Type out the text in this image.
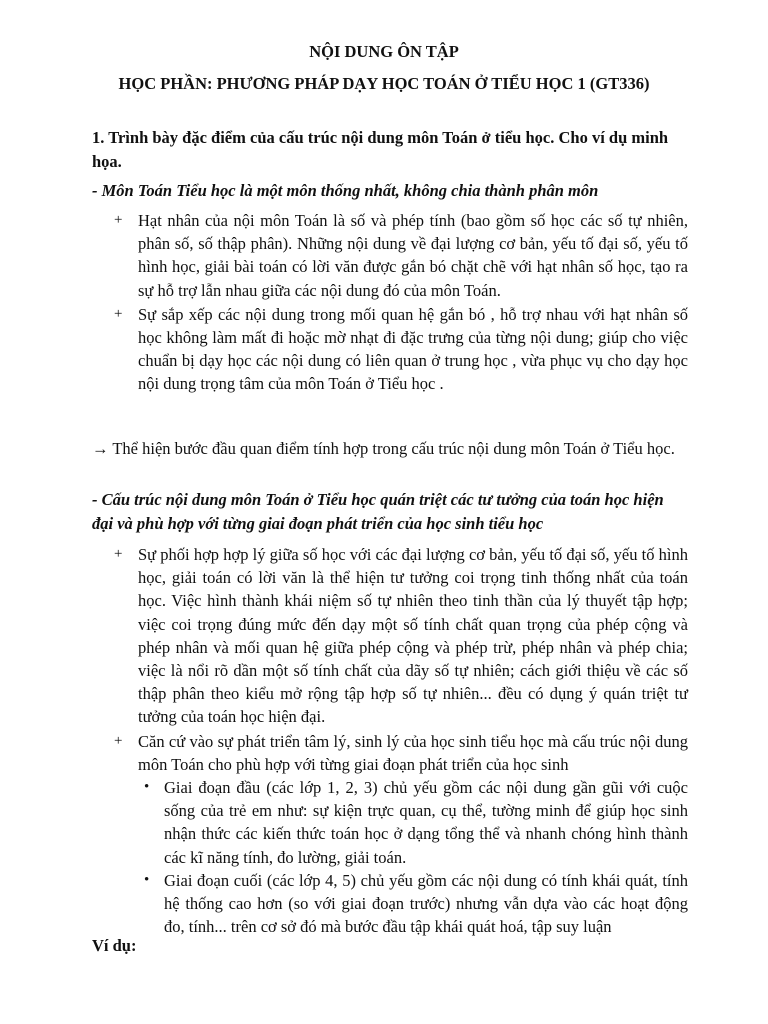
NỘI DUNG ÔN TẬP

HỌC PHẦN: PHƯƠNG PHÁP DẠY HỌC TOÁN Ở TIỂU HỌC 1 (GT336)

1. Trình bày đặc điểm của cấu trúc nội dung môn Toán ở tiểu học. Cho ví dụ minh họa.

- Môn Toán Tiểu học là một môn thống nhất, không chia thành phân môn

+ Hạt nhân của nội môn Toán là số và phép tính (bao gồm số học các số tự nhiên, phân số, số thập phân). Những nội dung về đại lượng cơ bản, yếu tố đại số, yếu tố hình học, giải bài toán có lời văn được gắn bó chặt chẽ với hạt nhân số học, tạo ra sự hỗ trợ lẫn nhau giữa các nội dung đó của môn Toán.
+ Sự sắp xếp các nội dung trong mối quan hệ gắn bó , hỗ trợ nhau với hạt nhân số học không làm mất đi hoặc mờ nhạt đi đặc trưng của từng nội dung; giúp cho việc chuẩn bị dạy học các nội dung có liên quan ở trung học , vừa phục vụ cho dạy học nội dung trọng tâm của môn Toán ở Tiểu học .

→ Thể hiện bước đầu quan điểm tính hợp trong cấu trúc nội dung môn Toán ở Tiểu học.

- Cấu trúc nội dung môn Toán ở Tiểu học quán triệt các tư tưởng của toán học hiện đại và phù hợp với từng giai đoạn phát triển của học sinh tiểu học

+ Sự phối hợp hợp lý giữa số học với các đại lượng cơ bản, yếu tố đại số, yếu tố hình học, giải toán có lời văn là thể hiện tư tưởng coi trọng tinh thống nhất của toán học. Việc hình thành khái niệm số tự nhiên theo tinh thần của lý thuyết tập hợp; việc coi trọng đúng mức đến dạy một số tính chất quan trọng của phép cộng và phép nhân và mối quan hệ giữa phép cộng và phép trừ, phép nhân và phép chia; việc là nổi rõ dần một số tính chất của dãy số tự nhiên; cách giới thiệu về các số thập phân theo kiểu mở rộng tập hợp số tự nhiên... đều có dụng ý quán triệt tư tưởng của toán học hiện đại.
+ Căn cứ vào sự phát triển tâm lý, sinh lý của học sinh tiểu học mà cấu trúc nội dung môn Toán cho phù hợp với từng giai đoạn phát triển của học sinh
• Giai đoạn đầu (các lớp 1, 2, 3) chủ yếu gồm các nội dung gần gũi với cuộc sống của trẻ em như: sự kiện trực quan, cụ thể, tường minh để giúp học sinh nhận thức các kiến thức toán học ở dạng tổng thể và nhanh chóng hình thành các kĩ năng tính, đo lường, giải toán.
• Giai đoạn cuối (các lớp 4, 5) chủ yếu gồm các nội dung có tính khái quát, tính hệ thống cao hơn (so với giai đoạn trước) nhưng vẫn dựa vào các hoạt động đo, tính... trên cơ sở đó mà bước đầu tập khái quát hoá, tập suy luận

Ví dụ:
